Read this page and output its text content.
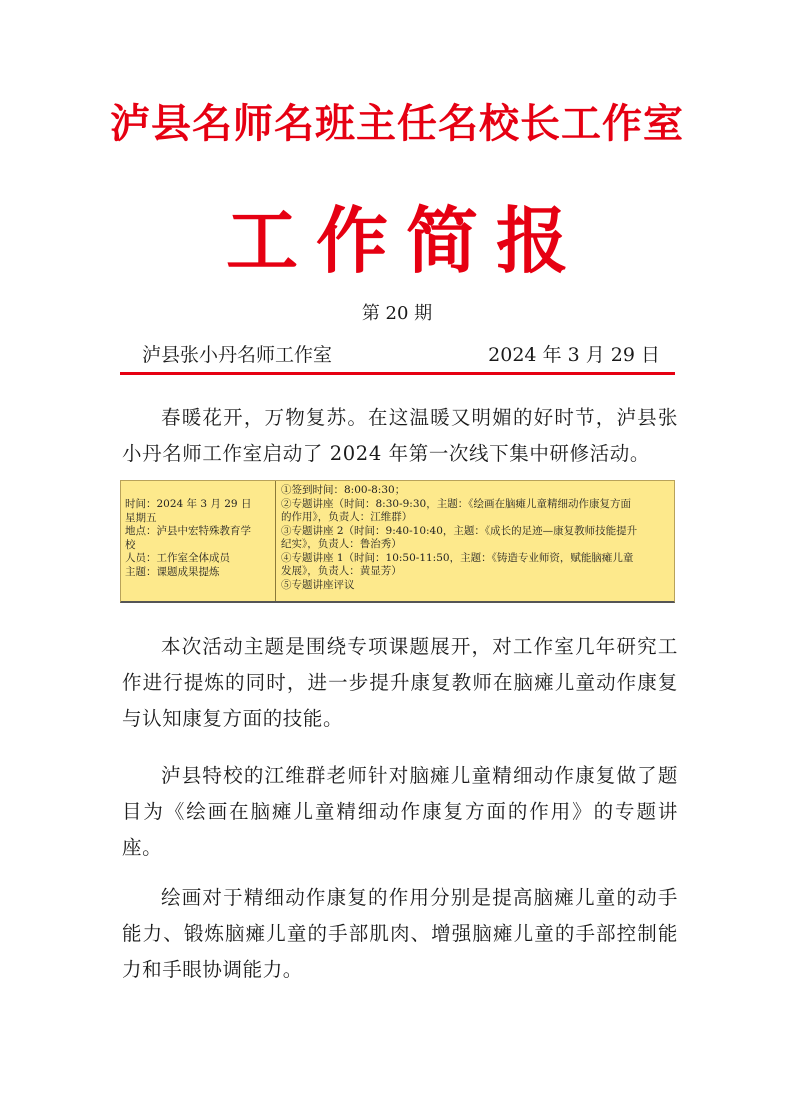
泸县名师名班主任名校长工作室
工作简报
第 20 期
泸县张小丹名师工作室	2024 年 3 月 29 日

春暖花开，万物复苏。在这温暖又明媚的好时节，泸县张小丹名师工作室启动了 2024 年第一次线下集中研修活动。

时间：2024 年 3 月 29 日
星期五
地点：泸县中宏特殊教育学
校
人员：工作室全体成员
主题：课题成果提炼
①签到时间：8:00-8:30；
②专题讲座（时间：8:30-9:30，主题：《绘画在脑瘫儿童精细动作康复方面
的作用》，负责人：江维群）
③专题讲座 2（时间：9:40-10:40，主题：《成长的足迹—康复教师技能提升
纪实》，负责人：鲁治秀）
④专题讲座 1（时间：10:50-11:50，主题：《铸造专业师资，赋能脑瘫儿童
发展》，负责人：黄显芳）
⑤专题讲座评议

本次活动主题是围绕专项课题展开，对工作室几年研究工作进行提炼的同时，进一步提升康复教师在脑瘫儿童动作康复与认知康复方面的技能。

泸县特校的江维群老师针对脑瘫儿童精细动作康复做了题目为《绘画在脑瘫儿童精细动作康复方面的作用》的专题讲座。

绘画对于精细动作康复的作用分别是提高脑瘫儿童的动手能力、锻炼脑瘫儿童的手部肌肉、增强脑瘫儿童的手部控制能力和手眼协调能力。
